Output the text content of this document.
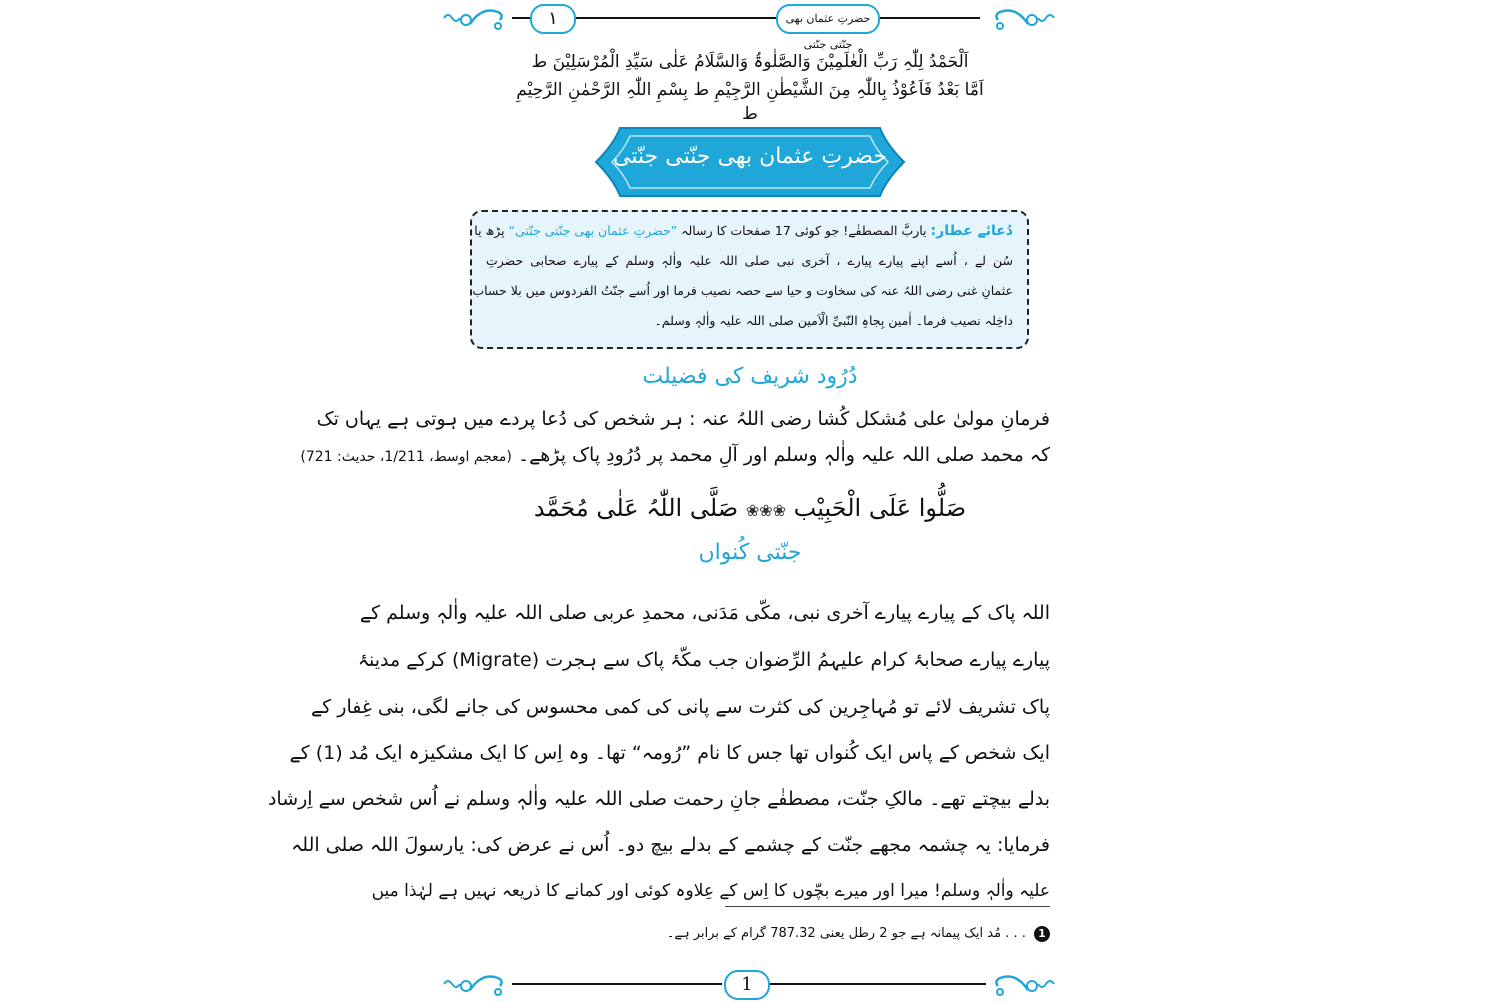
١	حضرتِ عثمان بھی جنّتی جنّتی
اَلْحَمْدُ لِلّٰہِ رَبِّ الْعٰلَمِیْنَ وَالصَّلٰوۃُ وَالسَّلَامُ عَلٰی سَیِّدِ الْمُرْسَلِیْنَ ط
اَمَّا بَعْدُ فَاَعُوْذُ بِاللّٰہِ مِنَ الشَّیْطٰنِ الرَّجِیْمِ ط بِسْمِ اللّٰہِ الرَّحْمٰنِ الرَّحِیْمِ ط
حضرتِ عثمان بھی جنّتی جنّتی
دُعائے عطار: یاربَّ المصطفٰے! جو کوئی 17 صفحات کا رسالہ ”حضرتِ عثمان بھی جنّتی جنّتی“ پڑھ یا
سُن لے ، اُسے اپنے پیارے پیارے ، آخری نبی صلی اللہ علیہ واٰلہٖ وسلم کے پیارے صحابی حضرتِ
عثمانِ غنی رضی اللہُ عنہ کی سخاوت و حیا سے حصہ نصیب فرما اور اُسے جنّتُ الفردوس میں بلا حساب
داخِلہ نصیب فرما۔ اٰمین بِجاہِ النّبیِّ الْاَمین صلی اللہ علیہ واٰلہٖ وسلم۔
دُرُود شریف کی فضیلت
فرمانِ مولیٰ علی مُشکل کُشا رضی اللہُ عنہ : ہر شخص کی دُعا پردے میں ہوتی ہے یہاں تک
کہ محمد صلی اللہ علیہ واٰلہٖ وسلم اور آلِ محمد پر دُرُودِ پاک پڑھے۔ (معجم اوسط، 1/211، حدیث: 721)
صَلُّوا عَلَی الْحَبِیْب ❀❀❀ صَلَّی اللّٰہُ عَلٰی مُحَمَّد
جنّتی کُنواں
اللہ پاک کے پیارے پیارے آخری نبی، مکّی مَدَنی، محمدِ عربی صلی اللہ علیہ واٰلہٖ وسلم کے
پیارے پیارے صحابۂ کرام علیہمُ الرِّضوان جب مکّۂ پاک سے ہجرت (Migrate) کرکے مدینۂ
پاک تشریف لائے تو مُہاجِرین کی کثرت سے پانی کی کمی محسوس کی جانے لگی، بنی غِفار کے
ایک شخص کے پاس ایک کُنواں تھا جس کا نام ”رُومہ“ تھا۔ وہ اِس کا ایک مشکیزہ ایک مُد (1) کے
بدلے بیچتے تھے۔ مالکِ جنّت، مصطفٰے جانِ رحمت صلی اللہ علیہ واٰلہٖ وسلم نے اُس شخص سے اِرشاد
فرمایا: یہ چشمہ مجھے جنّت کے چشمے کے بدلے بیچ دو۔ اُس نے عرض کی: یارسولَ اللہ صلی اللہ
علیہ واٰلہٖ وسلم! میرا اور میرے بچّوں کا اِس کے عِلاوہ کوئی اور کمانے کا ذریعہ نہیں ہے لہٰذا میں
1 . . . مُد ایک پیمانہ ہے جو 2 رطل یعنی 787.32 گرام کے برابر ہے۔
1
